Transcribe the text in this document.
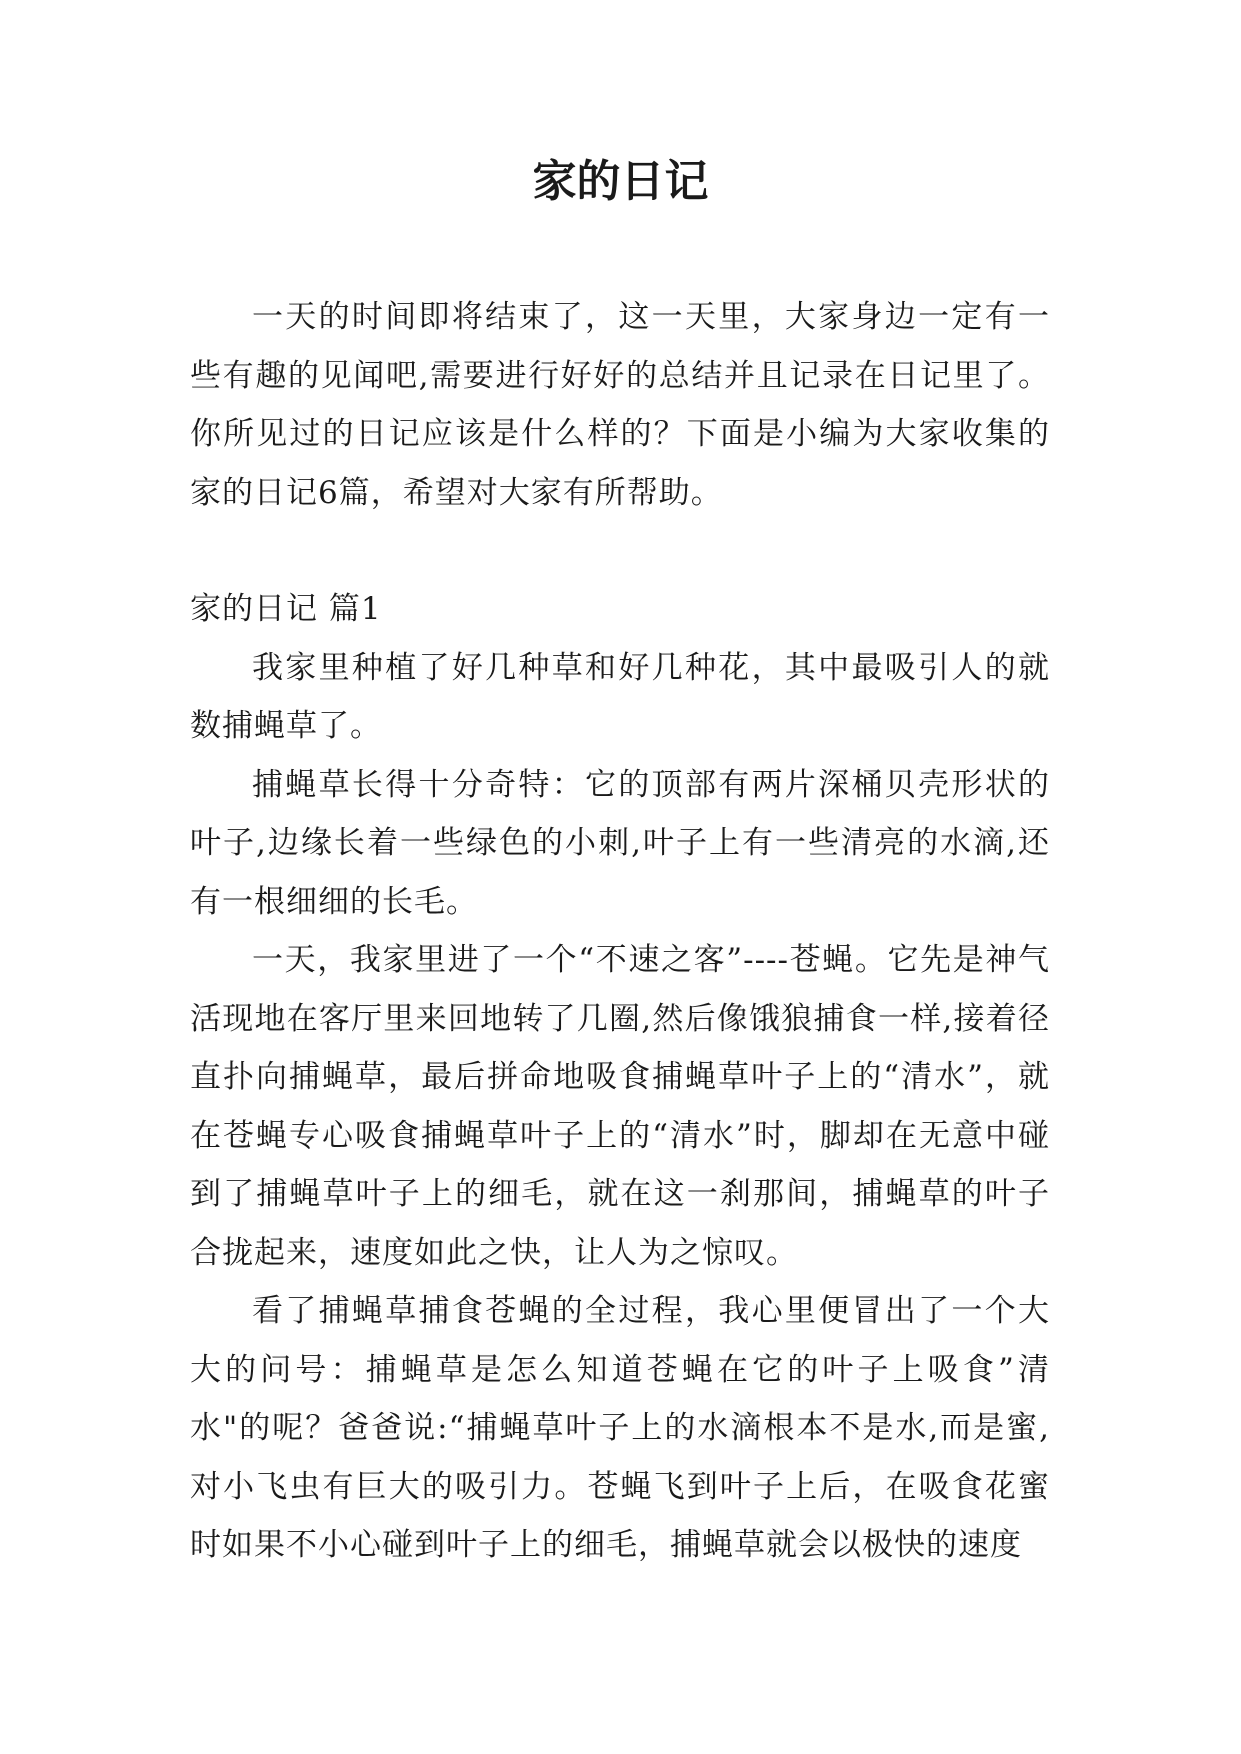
家的日记

一天的时间即将结束了，这一天里，大家身边一定有一些有趣的见闻吧,需要进行好好的总结并且记录在日记里了。你所见过的日记应该是什么样的？下面是小编为大家收集的家的日记6篇，希望对大家有所帮助。

家的日记 篇1

我家里种植了好几种草和好几种花，其中最吸引人的就数捕蝇草了。

捕蝇草长得十分奇特：它的顶部有两片深桶贝壳形状的叶子,边缘长着一些绿色的小刺,叶子上有一些清亮的水滴,还有一根细细的长毛。

一天，我家里进了一个“不速之客”----苍蝇。它先是神气活现地在客厅里来回地转了几圈,然后像饿狼捕食一样,接着径直扑向捕蝇草，最后拼命地吸食捕蝇草叶子上的“清水”，就在苍蝇专心吸食捕蝇草叶子上的“清水”时，脚却在无意中碰到了捕蝇草叶子上的细毛，就在这一刹那间，捕蝇草的叶子合拢起来，速度如此之快，让人为之惊叹。

看了捕蝇草捕食苍蝇的全过程，我心里便冒出了一个大大的问号：捕蝇草是怎么知道苍蝇在它的叶子上吸食”清水"的呢？爸爸说:“捕蝇草叶子上的水滴根本不是水,而是蜜,对小飞虫有巨大的吸引力。苍蝇飞到叶子上后，在吸食花蜜时如果不小心碰到叶子上的细毛，捕蝇草就会以极快的速度
